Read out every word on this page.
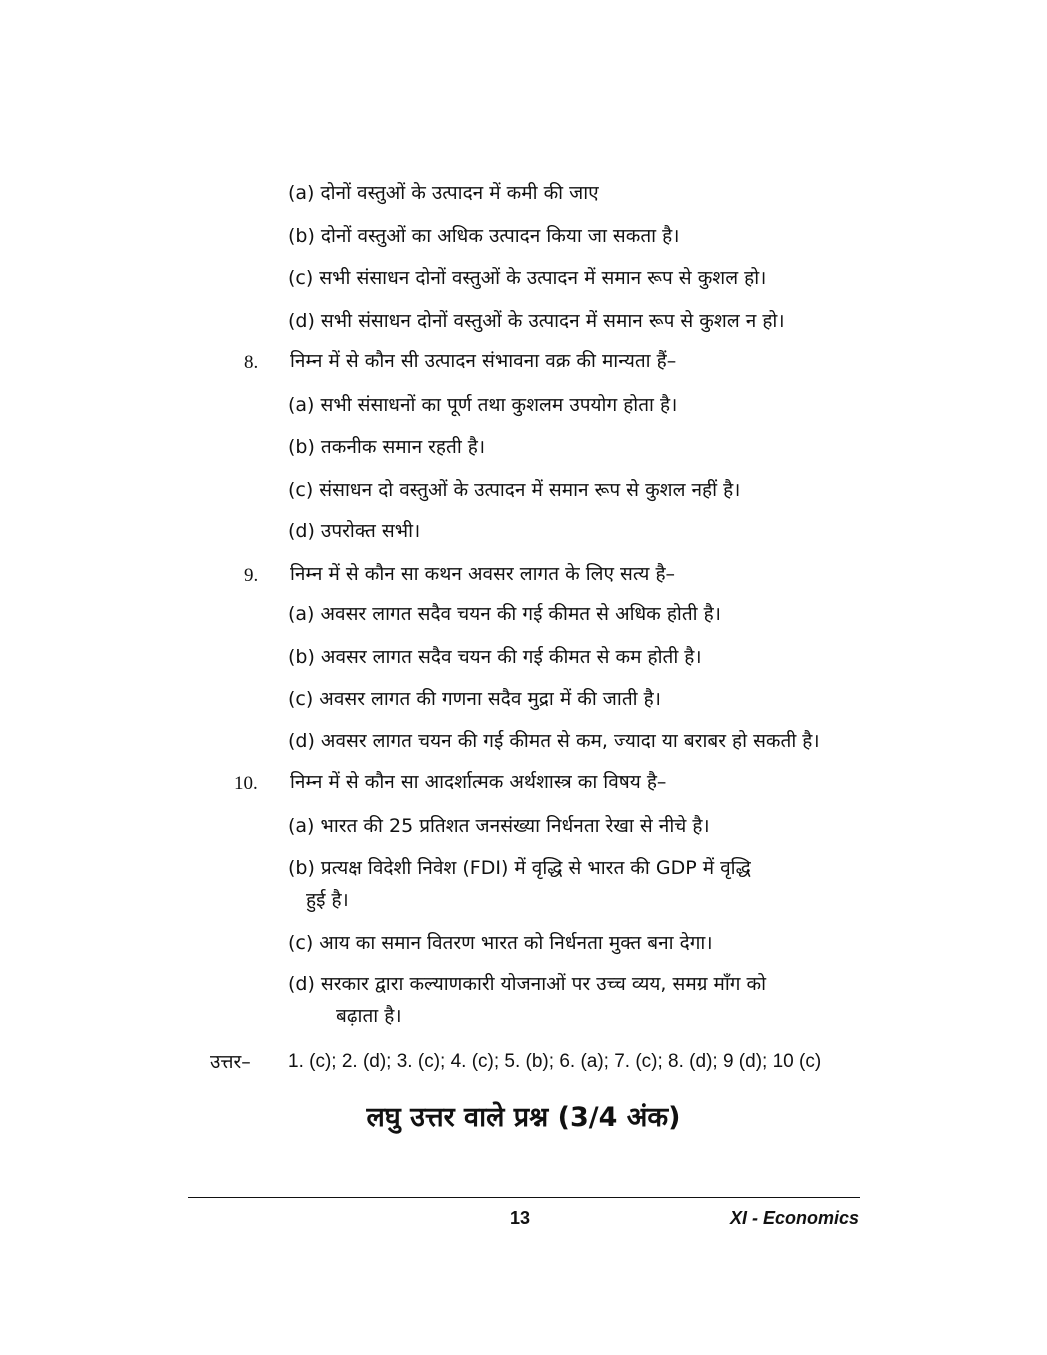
(a) दोनों वस्तुओं के उत्पादन में कमी की जाए
(b) दोनों वस्तुओं का अधिक उत्पादन किया जा सकता है।
(c) सभी संसाधन दोनों वस्तुओं के उत्पादन में समान रूप से कुशल हो।
(d) सभी संसाधन दोनों वस्तुओं के उत्पादन में समान रूप से कुशल न हो।
8. निम्न में से कौन सी उत्पादन संभावना वक्र की मान्यता हैं–
(a) सभी संसाधनों का पूर्ण तथा कुशलम उपयोग होता है।
(b) तकनीक समान रहती है।
(c) संसाधन दो वस्तुओं के उत्पादन में समान रूप से कुशल नहीं है।
(d) उपरोक्त सभी।
9. निम्न में से कौन सा कथन अवसर लागत के लिए सत्य है–
(a) अवसर लागत सदैव चयन की गई कीमत से अधिक होती है।
(b) अवसर लागत सदैव चयन की गई कीमत से कम होती है।
(c) अवसर लागत की गणना सदैव मुद्रा में की जाती है।
(d) अवसर लागत चयन की गई कीमत से कम, ज्यादा या बराबर हो सकती है।
10. निम्न में से कौन सा आदर्शात्मक अर्थशास्त्र का विषय है–
(a) भारत की 25 प्रतिशत जनसंख्या निर्धनता रेखा से नीचे है।
(b) प्रत्यक्ष विदेशी निवेश (FDI) में वृद्धि से भारत की GDP में वृद्धि
हुई है।
(c) आय का समान वितरण भारत को निर्धनता मुक्त बना देगा।
(d) सरकार द्वारा कल्याणकारी योजनाओं पर उच्च व्यय, समग्र माँग को
बढ़ाता है।
उत्तर– 1. (c); 2. (d); 3. (c); 4. (c); 5. (b); 6. (a); 7. (c); 8. (d); 9 (d); 10 (c)
लघु उत्तर वाले प्रश्न (3/4 अंक)
13	XI - Economics
